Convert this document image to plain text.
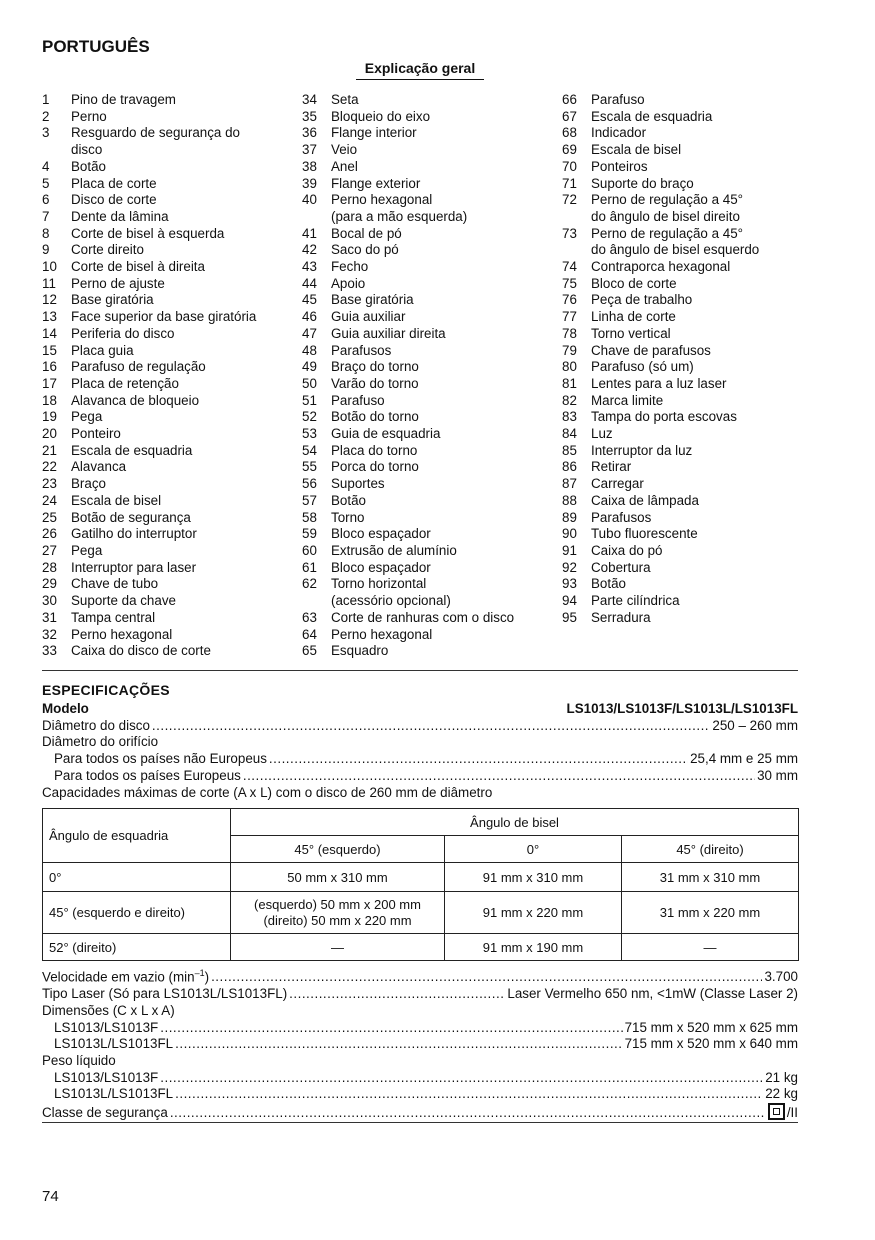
PORTUGUÊS
Explicação geral
1	Pino de travagem
2	Perno
3	Resguardo de segurança do
disco
4	Botão
5	Placa de corte
6	Disco de corte
7	Dente da lâmina
8	Corte de bisel à esquerda
9	Corte direito
10	Corte de bisel à direita
11	Perno de ajuste
12	Base giratória
13	Face superior da base giratória
14	Periferia do disco
15	Placa guia
16	Parafuso de regulação
17	Placa de retenção
18	Alavanca de bloqueio
19	Pega
20	Ponteiro
21	Escala de esquadria
22	Alavanca
23	Braço
24	Escala de bisel
25	Botão de segurança
26	Gatilho do interruptor
27	Pega
28	Interruptor para laser
29	Chave de tubo
30	Suporte da chave
31	Tampa central
32	Perno hexagonal
33	Caixa do disco de corte
34	Seta
35	Bloqueio do eixo
36	Flange interior
37	Veio
38	Anel
39	Flange exterior
40	Perno hexagonal
(para a mão esquerda)
41	Bocal de pó
42	Saco do pó
43	Fecho
44	Apoio
45	Base giratória
46	Guia auxiliar
47	Guia auxiliar direita
48	Parafusos
49	Braço do torno
50	Varão do torno
51	Parafuso
52	Botão do torno
53	Guia de esquadria
54	Placa do torno
55	Porca do torno
56	Suportes
57	Botão
58	Torno
59	Bloco espaçador
60	Extrusão de alumínio
61	Bloco espaçador
62	Torno horizontal
(acessório opcional)
63	Corte de ranhuras com o disco
64	Perno hexagonal
65	Esquadro
66	Parafuso
67	Escala de esquadria
68	Indicador
69	Escala de bisel
70	Ponteiros
71	Suporte do braço
72	Perno de regulação a 45°
do ângulo de bisel direito
73	Perno de regulação a 45°
do ângulo de bisel esquerdo
74	Contraporca hexagonal
75	Bloco de corte
76	Peça de trabalho
77	Linha de corte
78	Torno vertical
79	Chave de parafusos
80	Parafuso (só um)
81	Lentes para a luz laser
82	Marca limite
83	Tampa do porta escovas
84	Luz
85	Interruptor da luz
86	Retirar
87	Carregar
88	Caixa de lâmpada
89	Parafusos
90	Tubo fluorescente
91	Caixa do pó
92	Cobertura
93	Botão
94	Parte cilíndrica
95	Serradura
ESPECIFICAÇÕES
Modelo	LS1013/LS1013F/LS1013L/LS1013FL
Diâmetro do disco .....	250 – 260 mm
Diâmetro do orifício
Para todos os países não Europeus .....	25,4 mm e 25 mm
Para todos os países Europeus .....	30 mm
Capacidades máximas de corte (A x L) com o disco de 260 mm de diâmetro
Ângulo de esquadria	Ângulo de bisel		
	45° (esquerdo)	0°	45° (direito)
0°	50 mm x 310 mm	91 mm x 310 mm	31 mm x 310 mm
45° (esquerdo e direito)	(esquerdo) 50 mm x 200 mm
(direito) 50 mm x 220 mm	91 mm x 220 mm	31 mm x 220 mm
52° (direito)	—	91 mm x 190 mm	—
Velocidade em vazio $(\min^{-1})$ .....	3.700
Tipo Laser (Só para LS1013L/LS1013FL) .....	Laser Vermelho 650 nm, <1mW (Classe Laser 2)
Dimensões (C x L x A)
LS1013/LS1013F .....	715 mm x 520 mm x 625 mm
LS1013L/LS1013FL .....	715 mm x 520 mm x 640 mm
Peso líquido
LS1013/LS1013F .....	21 kg
LS1013L/LS1013FL .....	22 kg
Classe de segurança .....	/II

74
